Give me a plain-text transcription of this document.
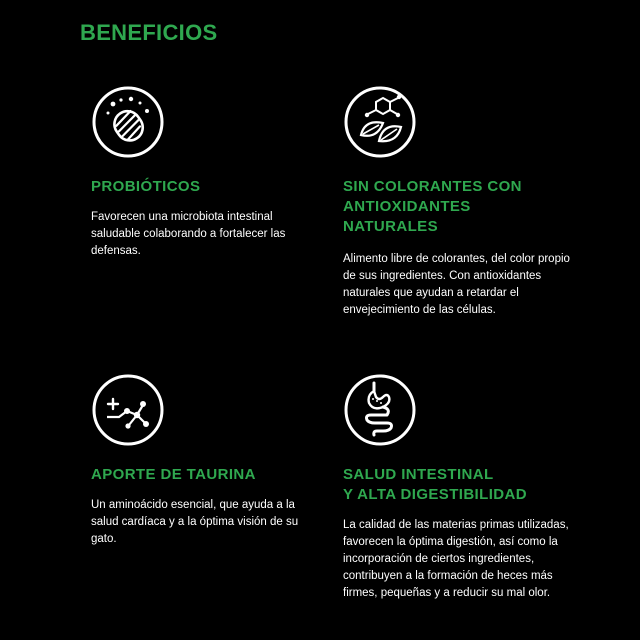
BENEFICIOS
PROBIÓTICOS

Favorecen una microbiota intestinal saludable colaborando a fortalecer las defensas.

SIN COLORANTES CON
ANTIOXIDANTES
NATURALES

Alimento libre de colorantes, del color propio de sus ingredientes. Con antioxidantes naturales que ayudan a retardar el envejecimiento de las células.

APORTE DE TAURINA

Un aminoácido esencial, que ayuda a la salud cardíaca y a la óptima visión de su gato.

SALUD INTESTINAL
Y ALTA DIGESTIBILIDAD

La calidad de las materias primas utilizadas, favorecen la óptima digestión, así como la incorporación de ciertos ingredientes, contribuyen a la formación de heces más firmes, pequeñas y a reducir su mal olor.
